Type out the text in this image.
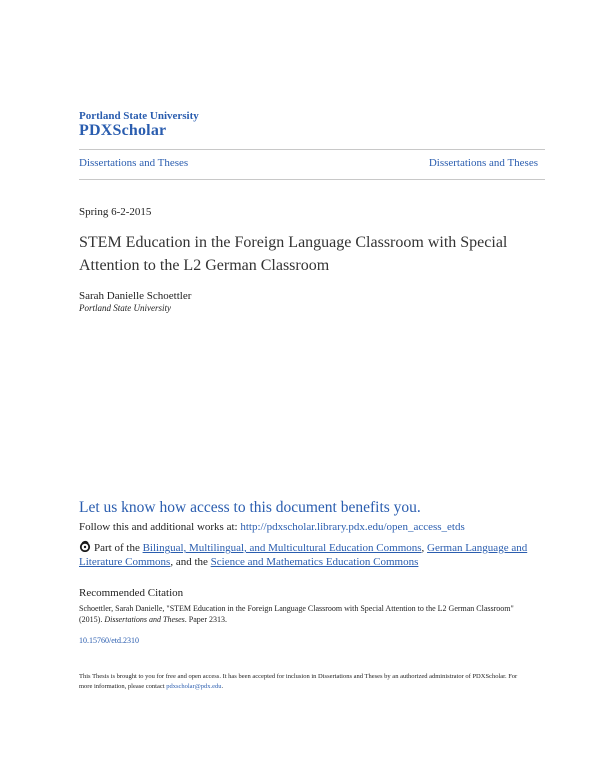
Portland State University
PDXScholar
Dissertations and Theses	Dissertations and Theses
Spring 6-2-2015
STEM Education in the Foreign Language Classroom with Special Attention to the L2 German Classroom
Sarah Danielle Schoettler
Portland State University
Let us know how access to this document benefits you.
Follow this and additional works at: http://pdxscholar.library.pdx.edu/open_access_etds
Part of the Bilingual, Multilingual, and Multicultural Education Commons, German Language and Literature Commons, and the Science and Mathematics Education Commons
Recommended Citation
Schoettler, Sarah Danielle, "STEM Education in the Foreign Language Classroom with Special Attention to the L2 German Classroom" (2015). Dissertations and Theses. Paper 2313.
10.15760/etd.2310
This Thesis is brought to you for free and open access. It has been accepted for inclusion in Dissertations and Theses by an authorized administrator of PDXScholar. For more information, please contact pdxscholar@pdx.edu.
